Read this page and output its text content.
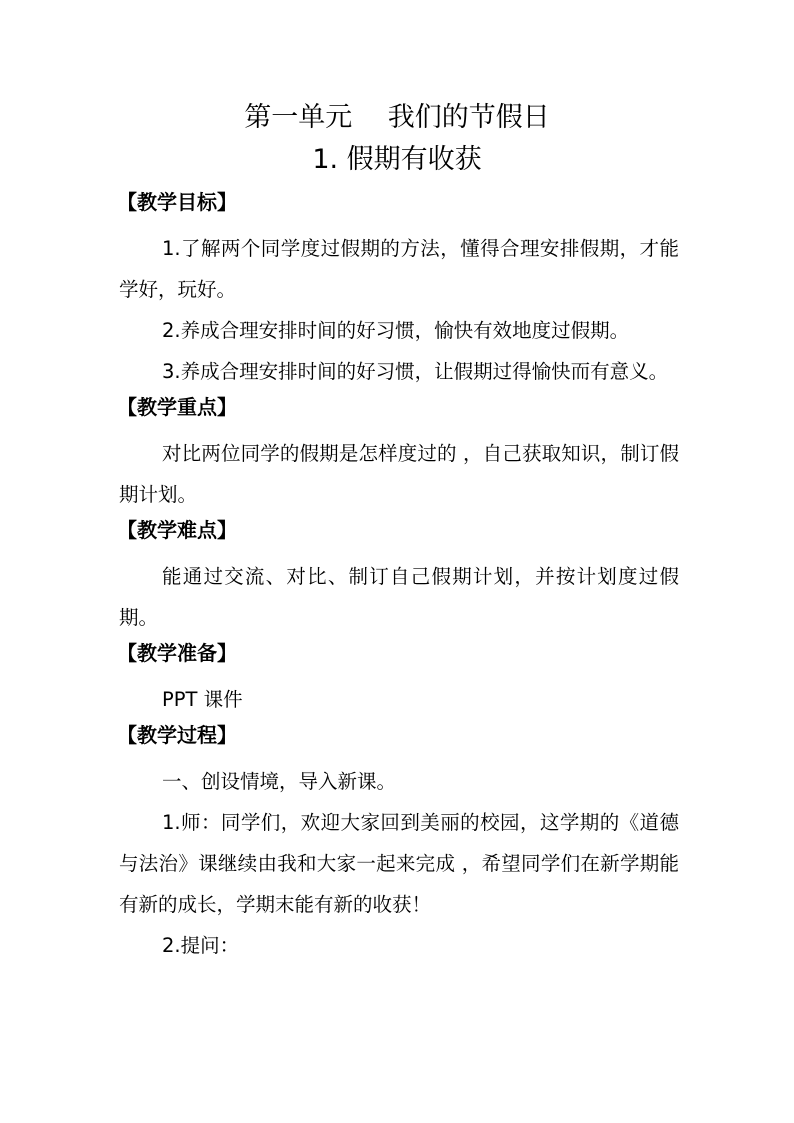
第一单元　 我们的节假日
1. 假期有收获
【教学目标】

1.了解两个同学度过假期的方法，懂得合理安排假期，才能学好，玩好。

2.养成合理安排时间的好习惯，愉快有效地度过假期。

3.养成合理安排时间的好习惯，让假期过得愉快而有意义。

【教学重点】

对比两位同学的假期是怎样度过的 ，自己获取知识，制订假期计划。

【教学难点】

能通过交流、对比、制订自己假期计划，并按计划度过假期。

【教学准备】

PPT 课件

【教学过程】

一、创设情境，导入新课。

1.师：同学们，欢迎大家回到美丽的校园，这学期的《道德与法治》课继续由我和大家一起来完成 ，希望同学们在新学期能有新的成长，学期末能有新的收获！

2.提问：
